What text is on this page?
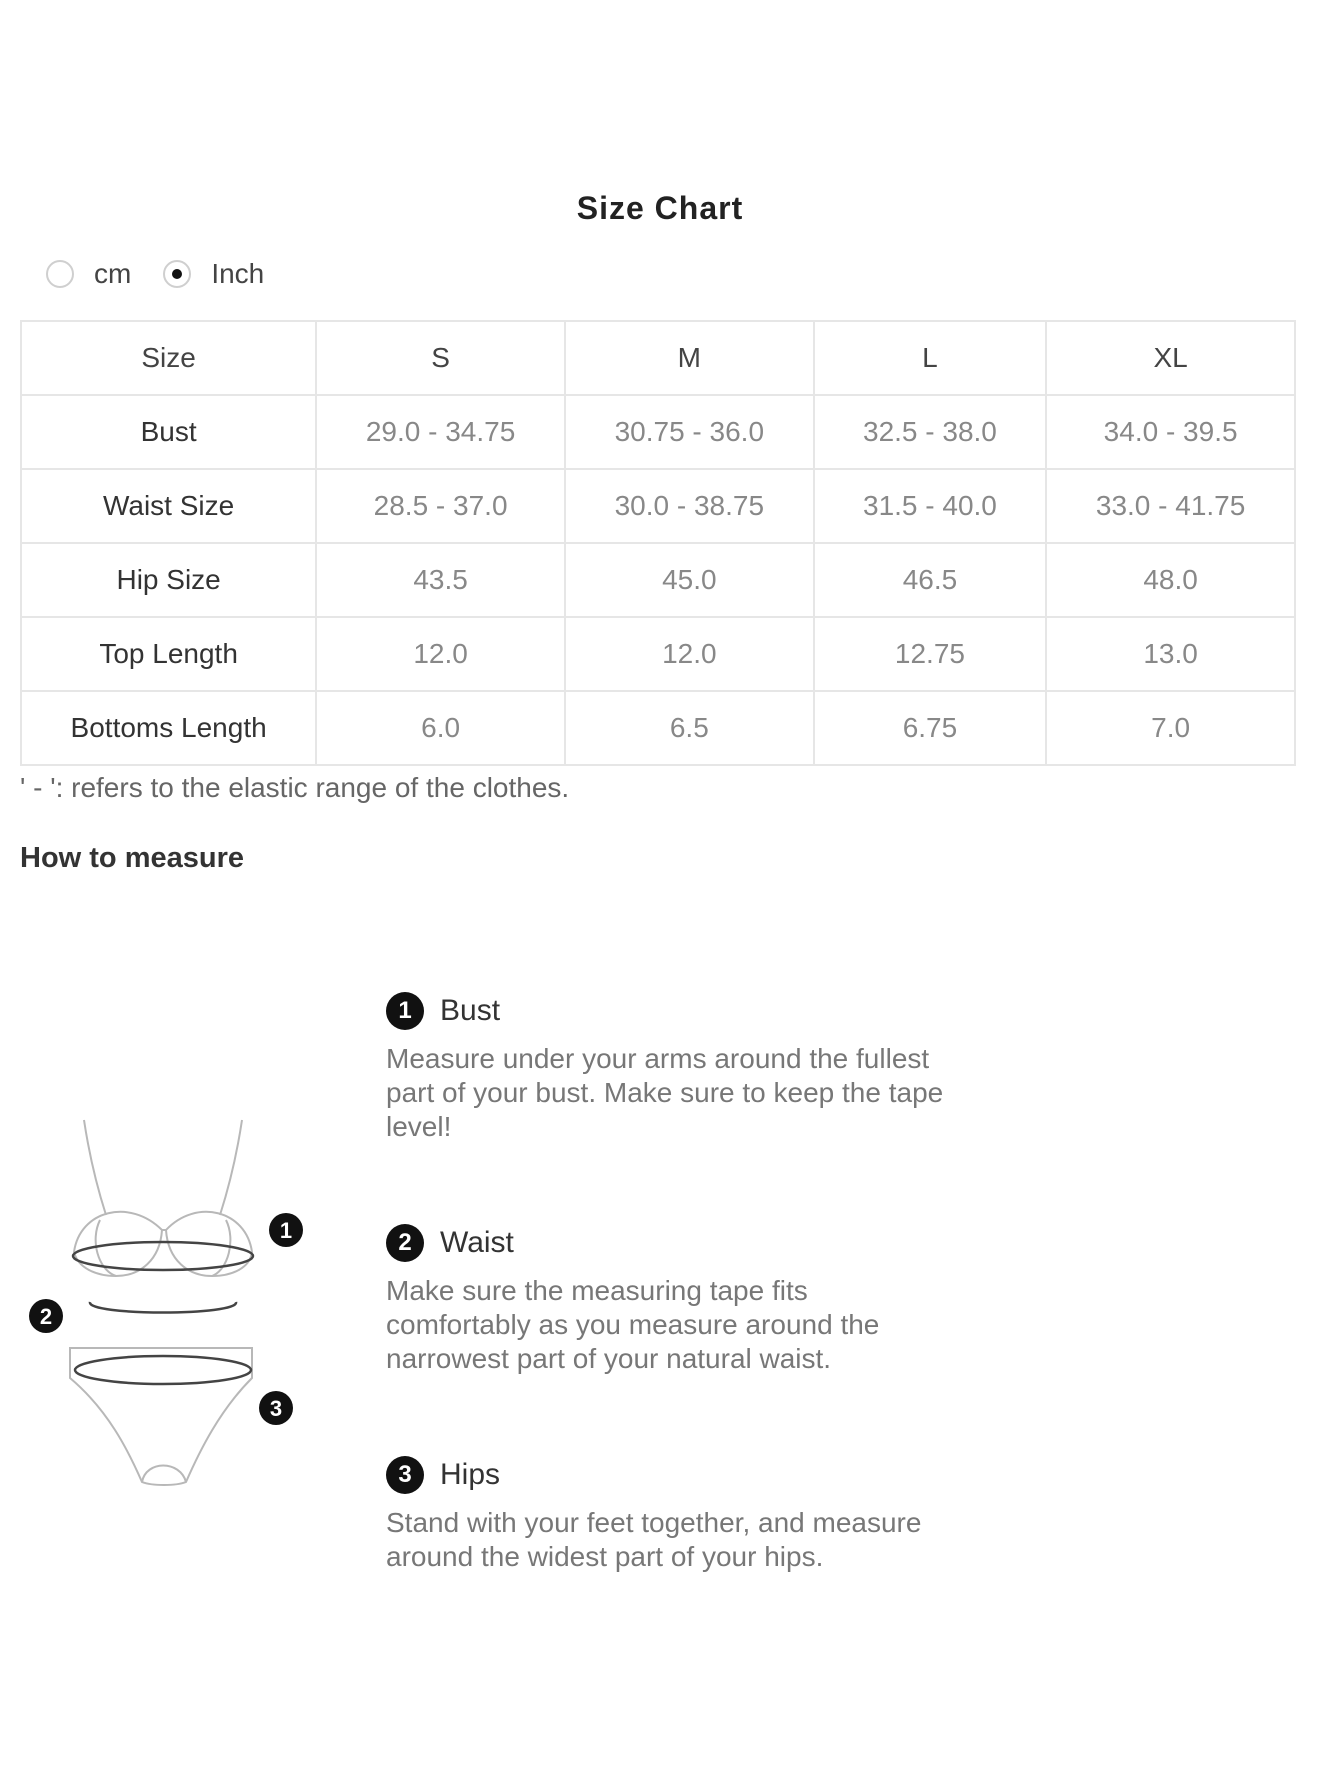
Size Chart
cm	Inch
Size	S	M	L	XL
Bust	29.0 - 34.75	30.75 - 36.0	32.5 - 38.0	34.0 - 39.5
Waist Size	28.5 - 37.0	30.0 - 38.75	31.5 - 40.0	33.0 - 41.75
Hip Size	43.5	45.0	46.5	48.0
Top Length	12.0	12.0	12.75	13.0
Bottoms Length	6.0	6.5	6.75	7.0
' - ': refers to the elastic range of the clothes.
How to measure
1
2
3
1 Bust
Measure under your arms around the fullest part of your bust. Make sure to keep the tape level!
2 Waist
Make sure the measuring tape fits comfortably as you measure around the narrowest part of your natural waist.
3 Hips
Stand with your feet together, and measure around the widest part of your hips.
